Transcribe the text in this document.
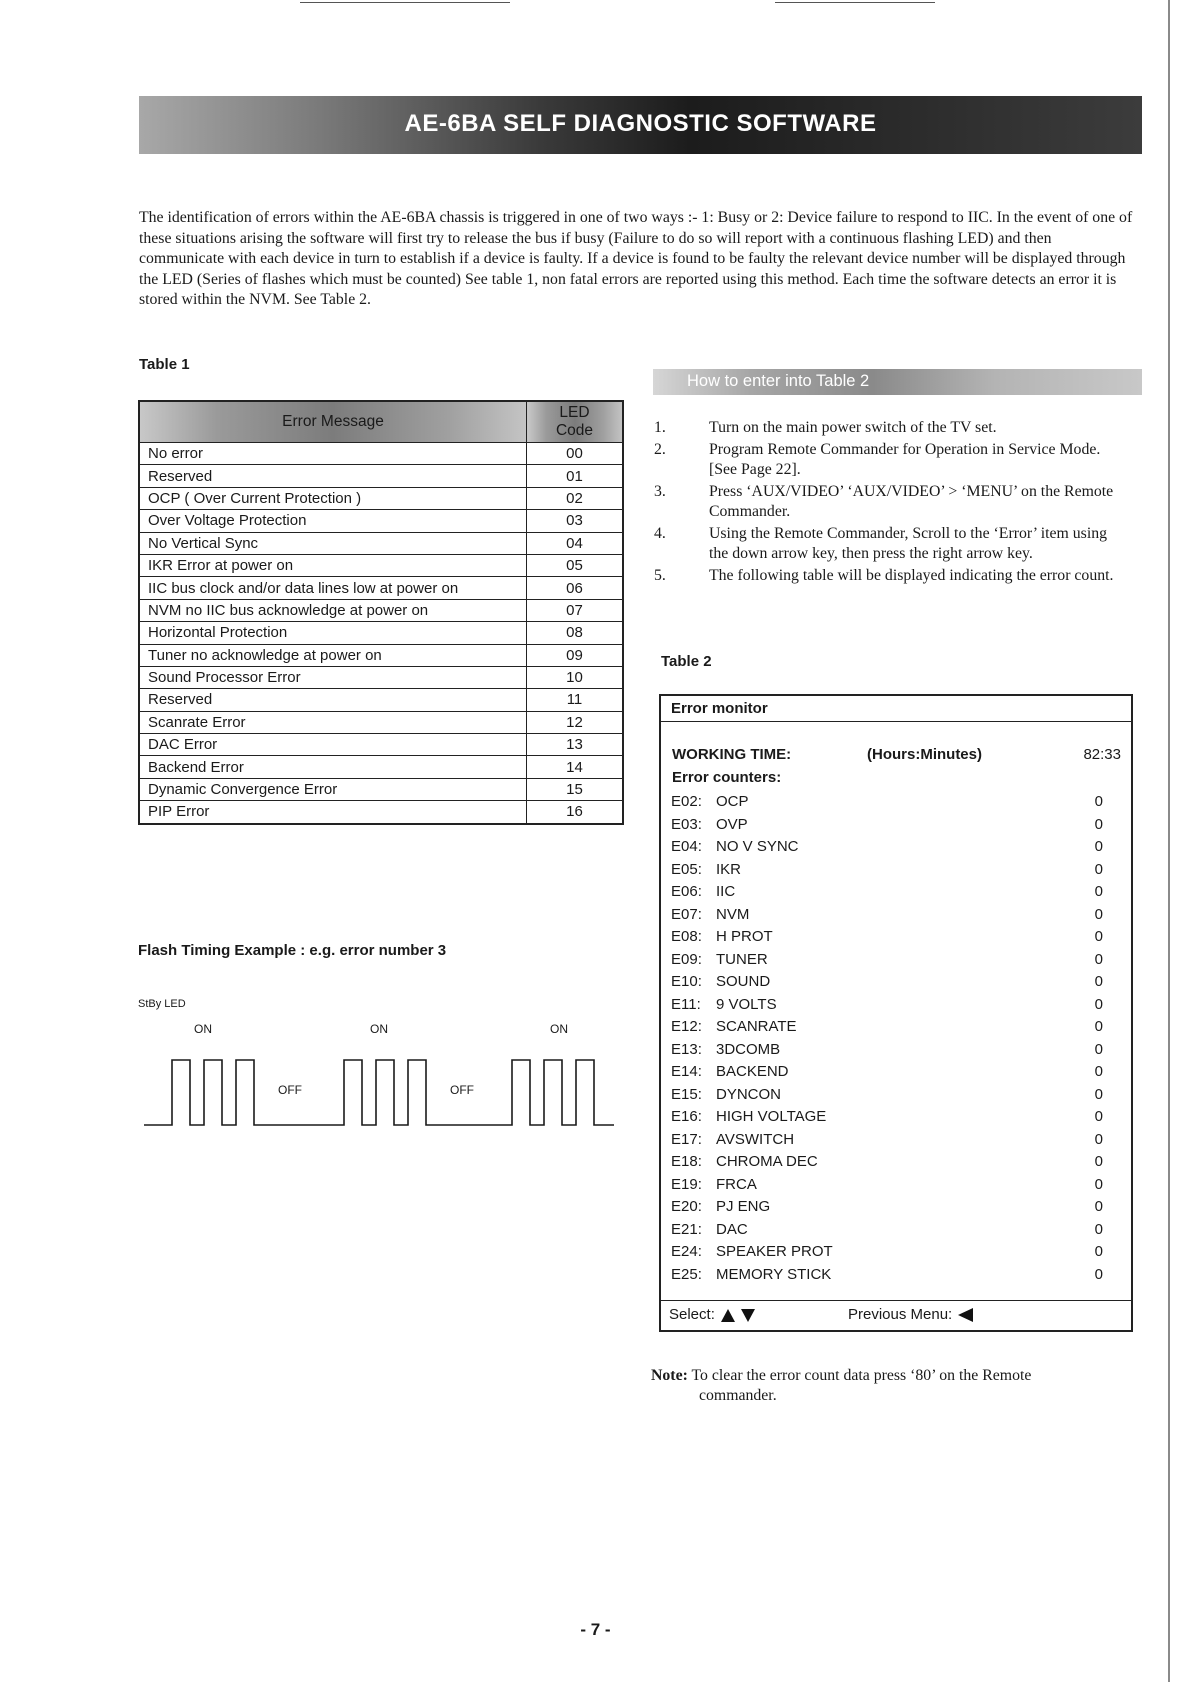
AE-6BA SELF DIAGNOSTIC SOFTWARE

The identification of errors within the AE-6BA chassis is triggered in one of two ways :- 1: Busy or 2: Device failure to respond to IIC. In the event of one of these situations arising the software will first try to release the bus if busy (Failure to do so will report with a continuous flashing LED) and then communicate with each device in turn to establish if a device is faulty. If a device is found to be faulty the relevant device number will be displayed through the LED (Series of flashes which must be counted) See table 1, non fatal errors are reported using this method. Each time the software detects an error it is stored within the NVM. See Table 2.

Table 1

Error Message	LED
Code
No error	00
Reserved	01
OCP ( Over Current Protection )	02
Over Voltage Protection	03
No Vertical Sync	04
IKR Error at power on	05
IIC bus clock and/or data lines low at power on	06
NVM no IIC bus acknowledge at power on	07
Horizontal Protection	08
Tuner no acknowledge at power on	09
Sound Processor Error	10
Reserved	11
Scanrate Error	12
DAC Error	13
Backend Error	14
Dynamic Convergence Error	15
PIP Error	16
How to enter into Table 2
1.	Turn on the main power switch of the TV set.
2.	Program Remote Commander for Operation in Service Mode. [See Page 22].
3.	Press ‘AUX/VIDEO’ ‘AUX/VIDEO’ > ‘MENU’ on the Remote Commander.
4.	Using the Remote Commander, Scroll to the ‘Error’ item using the down arrow key, then press the right arrow key.
5.	The following table will be displayed indicating the error count.

Table 2

Error monitor
WORKING TIME:	(Hours:Minutes)	82:33
Error counters:
E02: OCP	0
E03: OVP	0
E04: NO V SYNC	0
E05: IKR	0
E06: IIC	0
E07: NVM	0
E08: H PROT	0
E09: TUNER	0
E10: SOUND	0
E11: 9 VOLTS	0
E12: SCANRATE	0
E13: 3DCOMB	0
E14: BACKEND	0
E15: DYNCON	0
E16: HIGH VOLTAGE	0
E17: AVSWITCH	0
E18: CHROMA DEC	0
E19: FRCA	0
E20: PJ ENG	0
E21: DAC	0
E24: SPEAKER PROT	0
E25: MEMORY STICK	0
Select:	Previous Menu:

Note: To clear the error count data press ‘80’ on the Remote
commander.

Flash Timing Example : e.g. error number 3

StBy LED
ON	ON	ON
OFF	OFF
- 7 -
